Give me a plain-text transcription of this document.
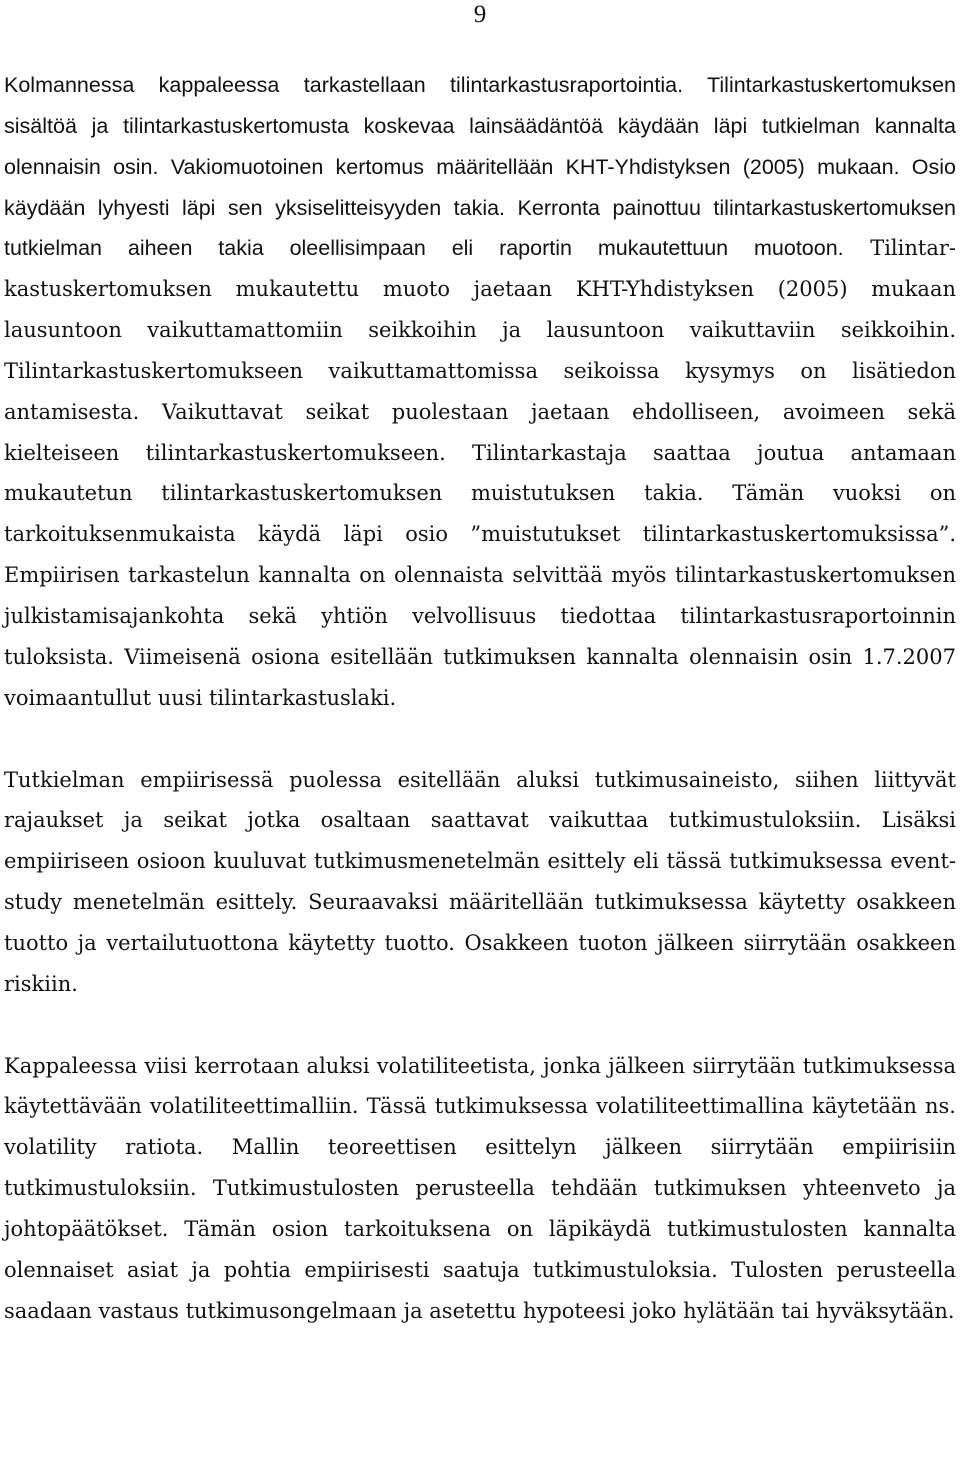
9

Kolmannessa kappaleessa tarkastellaan tilintarkastusraportointia. Tilintarkastuskertomuksen sisältöä ja tilintarkastuskertomusta koskevaa lainsäädäntöä käydään läpi tutkielman kannalta olennaisin osin. Vakiomuotoinen kertomus määritellään KHT-Yhdistyksen (2005) mukaan. Osio käydään lyhyesti läpi sen yksiselitteisyyden takia. Kerronta painottuu tilintarkastuskertomuksen tutkielman aiheen takia oleellisimpaan eli raportin mukautettuun muotoon. Tilintarkastuskertomuksen mukautettu muoto jaetaan KHT-Yhdistyksen (2005) mukaan lausuntoon vaikuttamattomiin seikkoihin ja lausuntoon vaikuttaviin seikkoihin. Tilintarkastuskertomukseen vaikuttamattomissa seikoissa kysymys on lisätiedon antamisesta. Vaikuttavat seikat puolestaan jaetaan ehdolliseen, avoimeen sekä kielteiseen tilintarkastuskertomukseen. Tilintarkastaja saattaa joutua antamaan mukautetun tilintarkastuskertomuksen muistutuksen takia. Tämän vuoksi on tarkoituksenmukaista käydä läpi osio ”muistutukset tilintarkastuskertomuksissa”. Empiirisen tarkastelun kannalta on olennaista selvittää myös tilintarkastuskertomuksen julkistamisajankohta sekä yhtiön velvollisuus tiedottaa tilintarkastusraportoinnin tuloksista. Viimeisenä osiona esitellään tutkimuksen kannalta olennaisin osin 1.7.2007 voimaantullut uusi tilintarkastuslaki.

Tutkielman empiirisessä puolessa esitellään aluksi tutkimusaineisto, siihen liittyvät rajaukset ja seikat jotka osaltaan saattavat vaikuttaa tutkimustuloksiin. Lisäksi empiiriseen osioon kuuluvat tutkimusmenetelmän esittely eli tässä tutkimuksessa event-study menetelmän esittely. Seuraavaksi määritellään tutkimuksessa käytetty osakkeen tuotto ja vertailutuottona käytetty tuotto. Osakkeen tuoton jälkeen siirrytään osakkeen riskiin.

Kappaleessa viisi kerrotaan aluksi volatiliteetista, jonka jälkeen siirrytään tutkimuksessa käytettävään volatiliteettimalliin. Tässä tutkimuksessa volatiliteettimallina käytetään ns. volatility ratiota. Mallin teoreettisen esittelyn jälkeen siirrytään empiirisiin tutkimustuloksiin. Tutkimustulosten perusteella tehdään tutkimuksen yhteenveto ja johtopäätökset. Tämän osion tarkoituksena on läpikäydä tutkimustulosten kannalta olennaiset asiat ja pohtia empiirisesti saatuja tutkimustuloksia. Tulosten perusteella saadaan vastaus tutkimusongelmaan ja asetettu hypoteesi joko hylätään tai hyväksytään.
